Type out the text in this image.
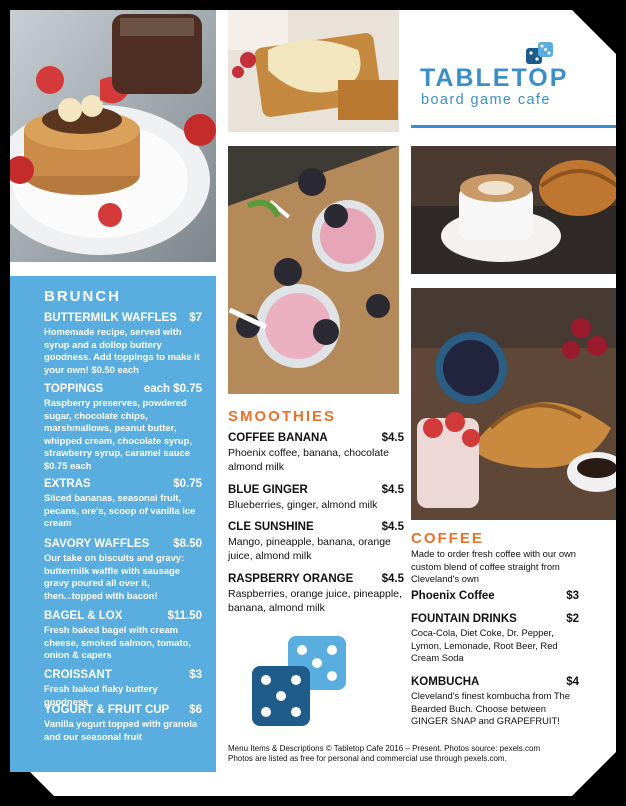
TABLETOP
board game cafe
BRUNCH
BUTTERMILK WAFFLES $7
Homemade recipe, served with syrup and a dollop buttery goodness. Add toppings to make it your own! $0.50 each
TOPPINGS	each $0.75
Raspberry preserves, powdered sugar, chocolate chips, marshmallows, peanut butter, whipped cream, chocolate syrup, strawberry syrup, caramel sauce $0.75 each
EXTRAS	$0.75
Sliced bananas, seasonal fruit, pecans, ore's, scoop of vanilla ice cream
SAVORY WAFFLES $8.50
Our take on biscuits and gravy: buttermilk waffle with sausage gravy poured all over it, then...topped with bacon!
BAGEL & LOX	$11.50
Fresh baked bagel with cream cheese, smoked salmon, tomato, onion & capers
CROISSANT	$3
Fresh baked flaky buttery goodness
YOGURT & FRUIT CUP $6
Vanilla yogurt topped with granola and our seasonal fruit
SMOOTHIES
COFFEE BANANA	$4.5
Phoenix coffee, banana, chocolate almond milk
BLUE GINGER	$4.5
Blueberries, ginger, almond milk
CLE SUNSHINE	$4.5
Mango, pineapple, banana, orange juice, almond milk
RASPBERRY ORANGE $4.5
Raspberries, orange juice, pineapple, banana, almond milk
COFFEE
Made to order fresh coffee with our own custom blend of coffee straight from Cleveland's own
Phoenix Coffee	$3
FOUNTAIN DRINKS	$2
Coca-Cola, Diet Coke, Dr. Pepper, Lymon, Lemonade, Root Beer, Red Cream Soda
KOMBUCHA	$4
Cleveland's finest kombucha from The Bearded Buch. Choose between GINGER SNAP and GRAPEFRUIT!
Menu Items & Descriptions © Tabletop Cafe 2016 – Present. Photos source: pexels.com
Photos are listed as free for personal and commercial use through pexels.com.
